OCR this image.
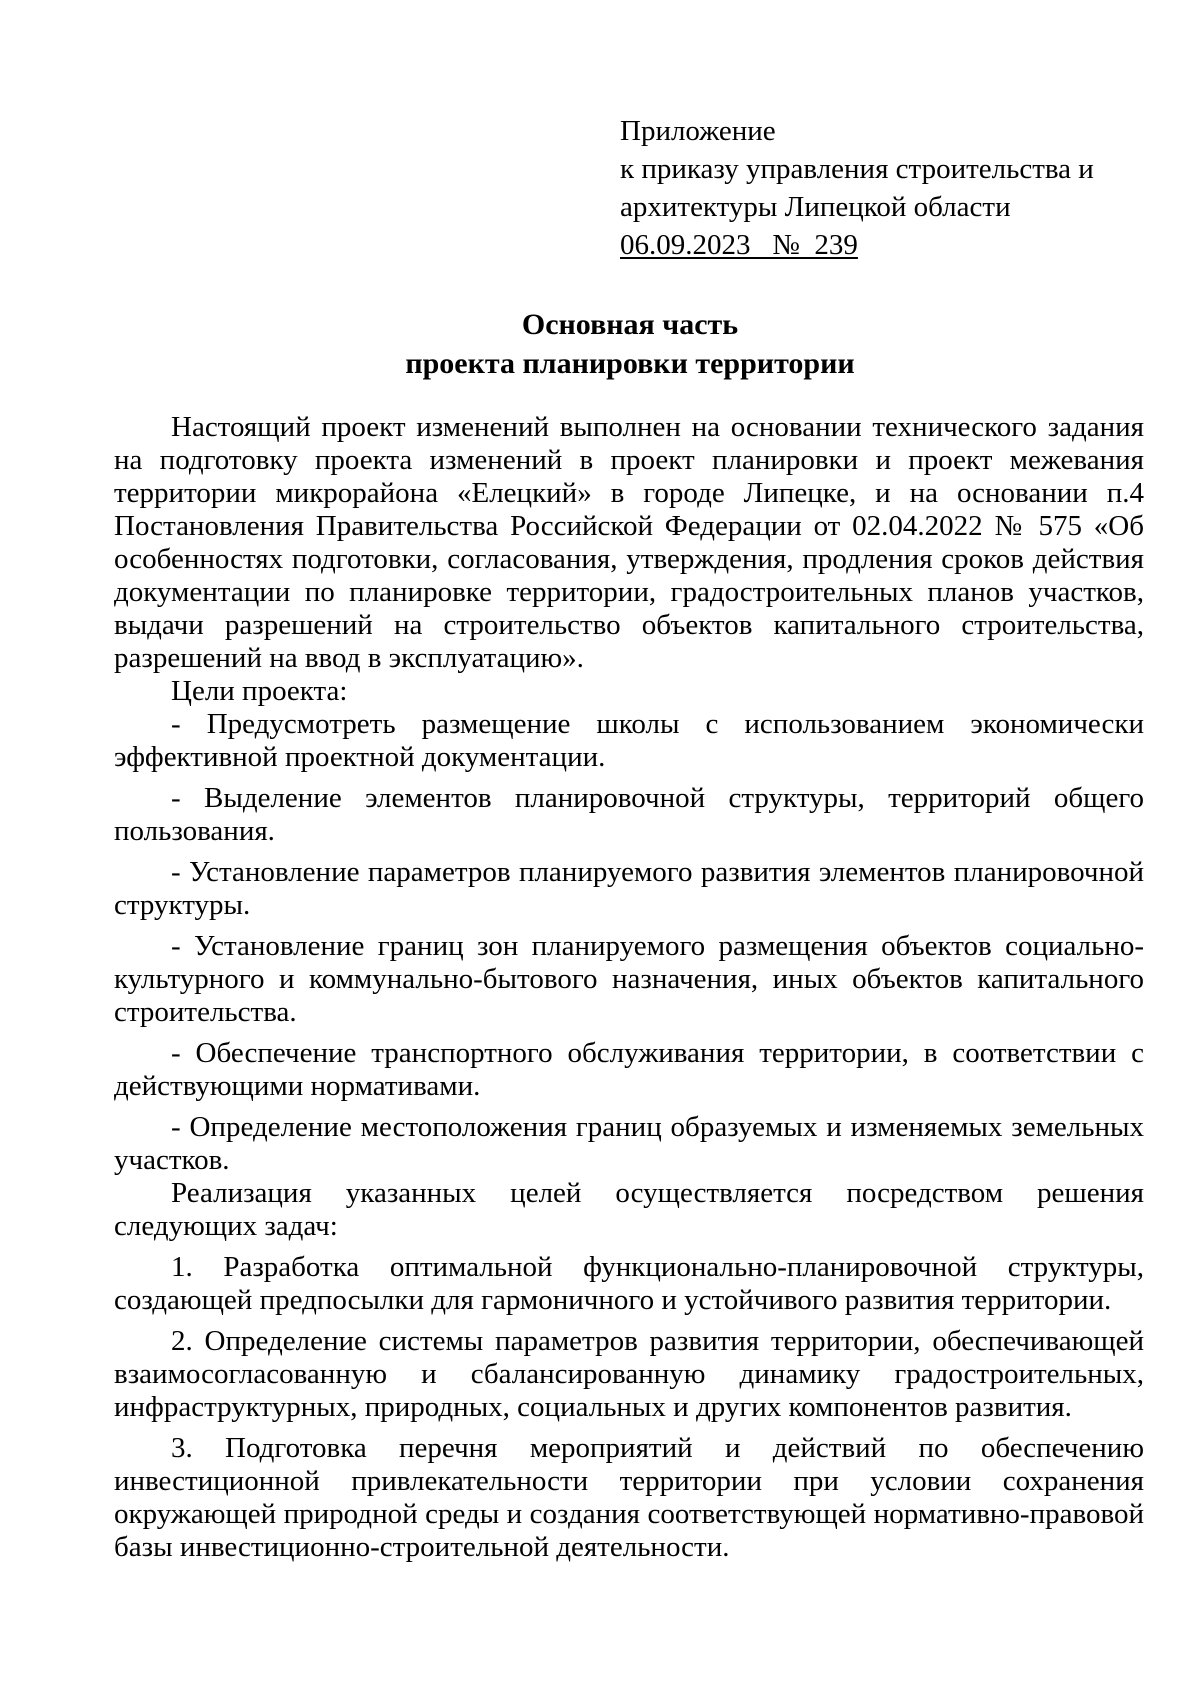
Приложение
к приказу управления строительства и
архитектуры Липецкой области
06.09.2023   №  239
Основная часть
проекта планировки территории

Настоящий проект изменений выполнен на основании технического задания на подготовку проекта изменений в проект планировки и проект межевания территории микрорайона «Елецкий» в городе Липецке, и на основании п.4 Постановления Правительства Российской Федерации от 02.04.2022 № 575 «Об особенностях подготовки, согласования, утверждения, продления сроков действия документации по планировке территории, градостроительных планов участков, выдачи разрешений на строительство объектов капитального строительства, разрешений на ввод в эксплуатацию».

Цели проекта:

- Предусмотреть размещение школы с использованием экономически эффективной проектной документации.

- Выделение элементов планировочной структуры, территорий общего пользования.

- Установление параметров планируемого развития элементов планировочной структуры.

- Установление границ зон планируемого размещения объектов социально-культурного и коммунально-бытового назначения, иных объектов капитального строительства.

- Обеспечение транспортного обслуживания территории, в соответствии с действующими нормативами.

- Определение местоположения границ образуемых и изменяемых земельных участков.

Реализация указанных целей осуществляется посредством решения следующих задач:

1. Разработка оптимальной функционально-планировочной структуры, создающей предпосылки для гармоничного и устойчивого развития территории.

2. Определение системы параметров развития территории, обеспечивающей взаимосогласованную и сбалансированную динамику градостроительных, инфраструктурных, природных, социальных и других компонентов развития.

3. Подготовка перечня мероприятий и действий по обеспечению инвестиционной привлекательности территории при условии сохранения окружающей природной среды и создания соответствующей нормативно-правовой базы инвестиционно-строительной деятельности.
